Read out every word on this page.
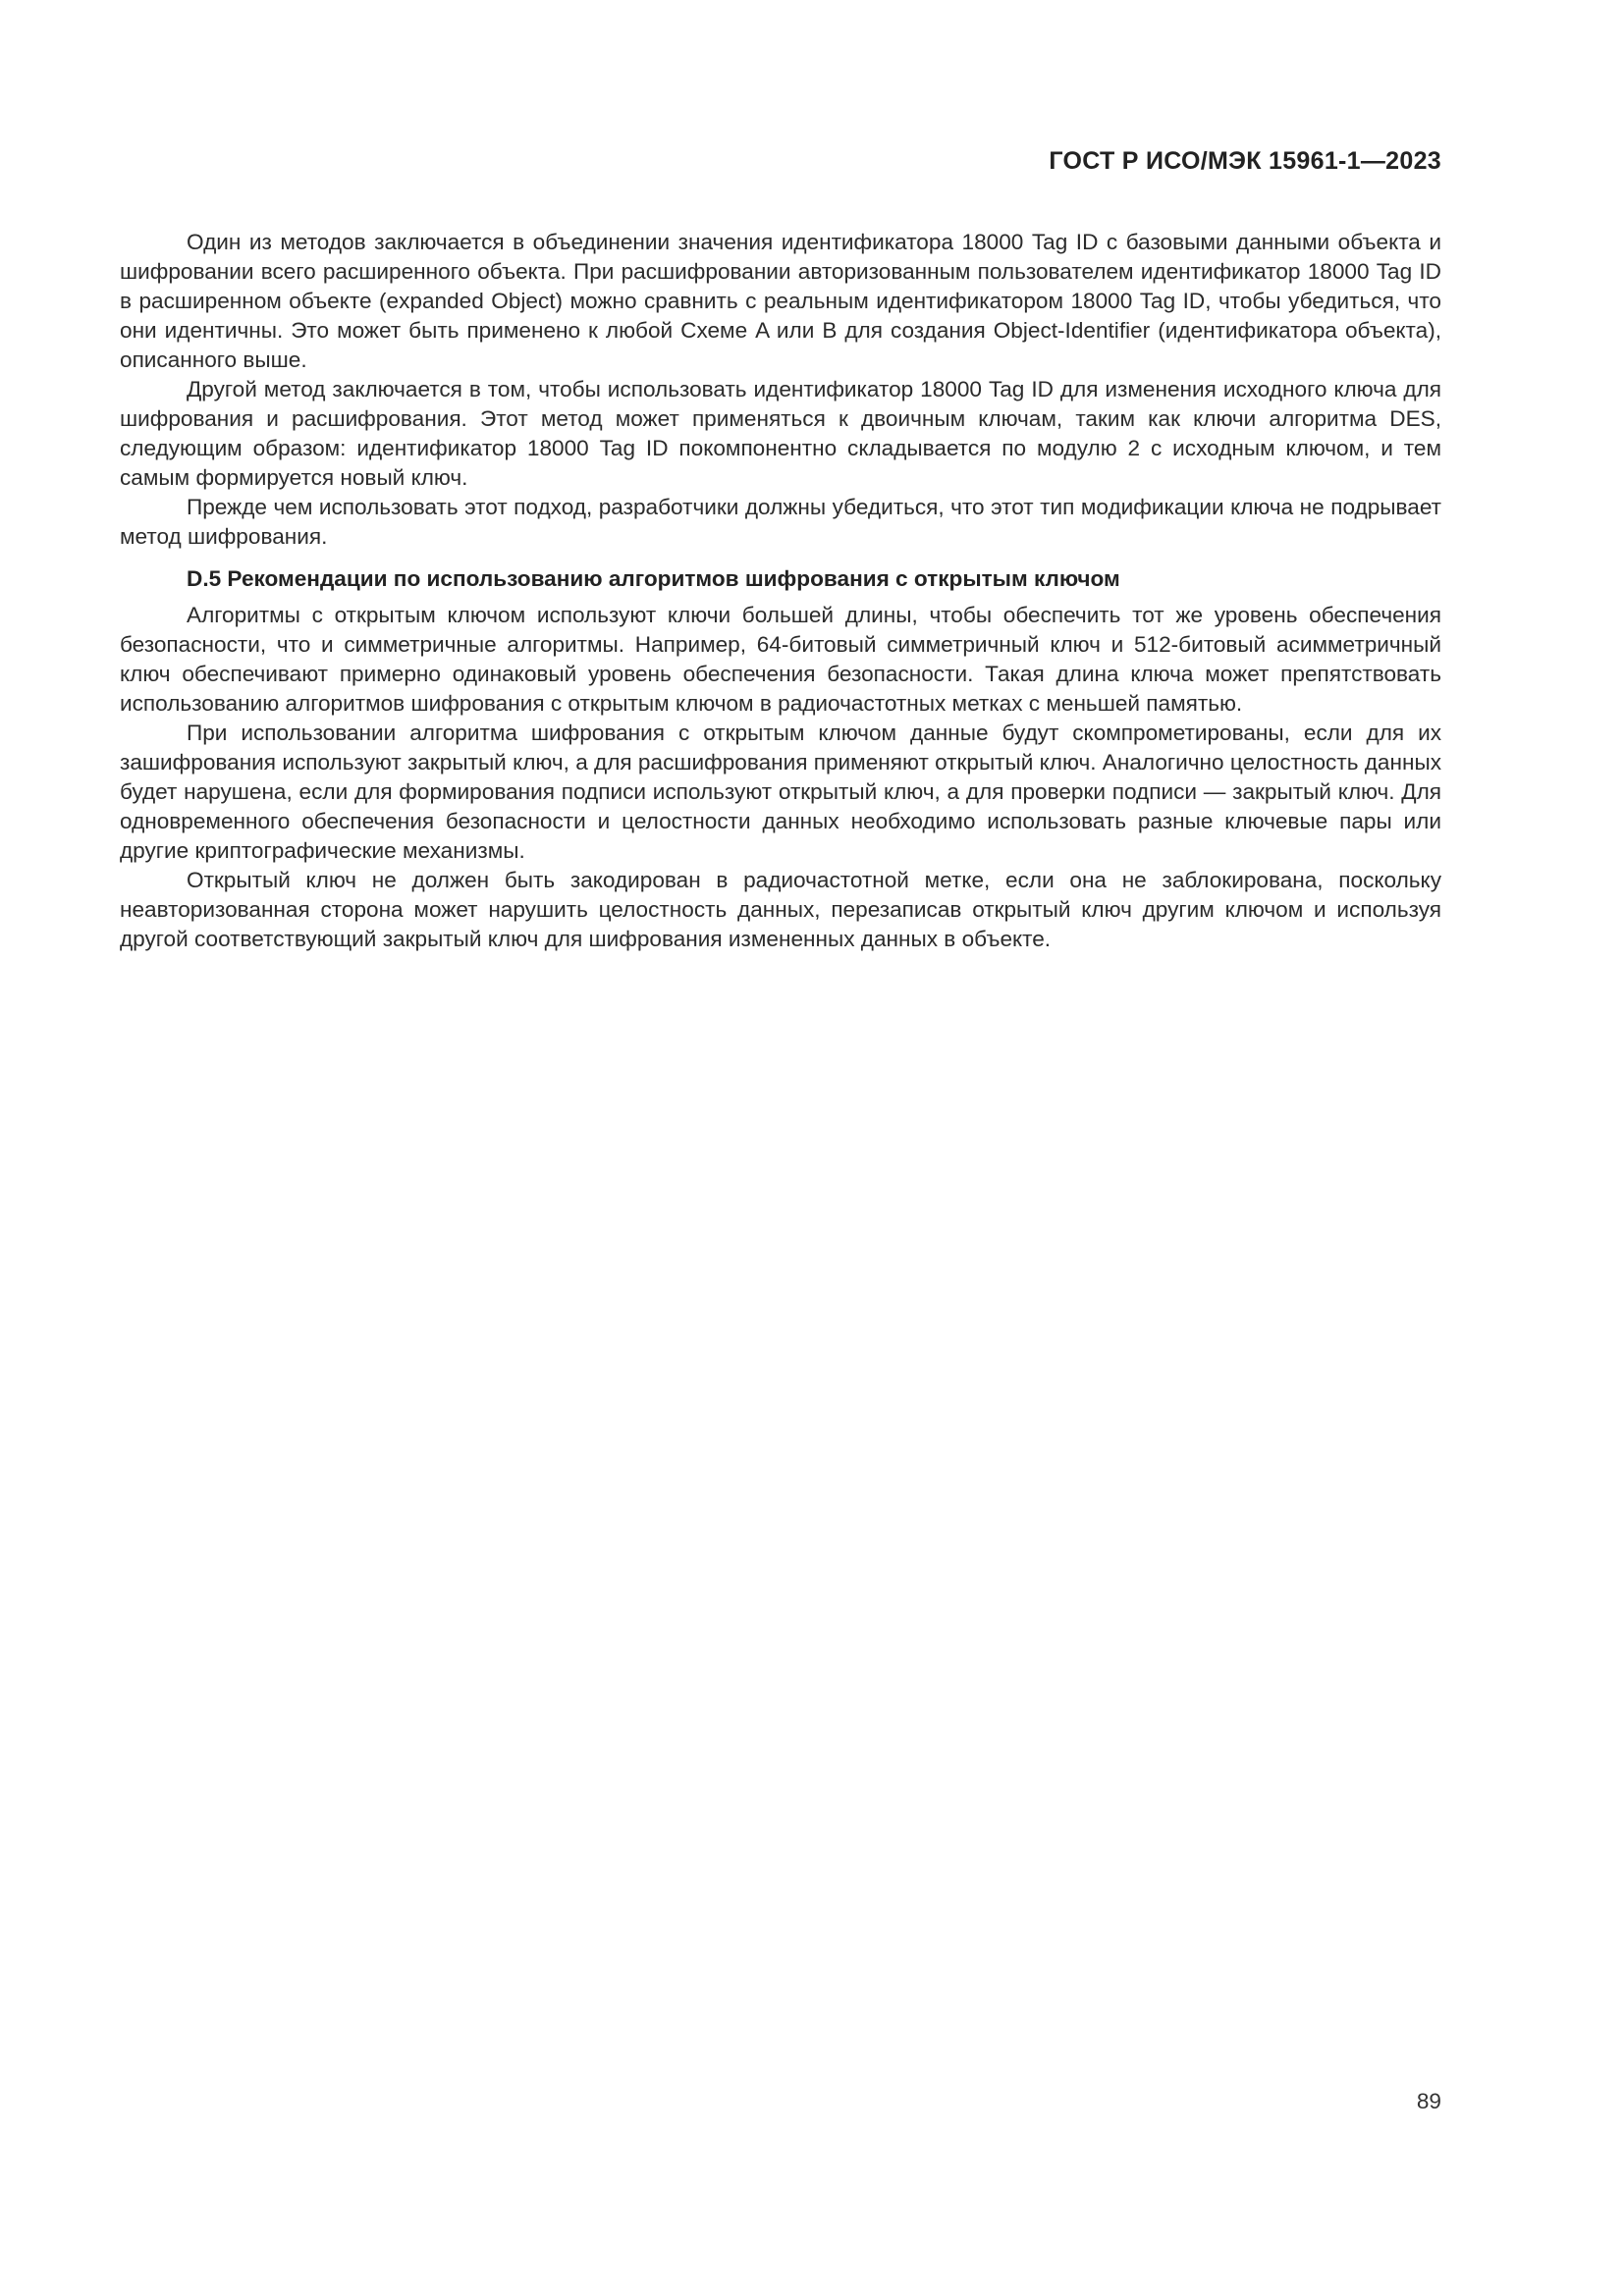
ГОСТ Р ИСО/МЭК 15961-1—2023

Один из методов заключается в объединении значения идентификатора 18000 Tag ID с базовыми данными объекта и шифровании всего расширенного объекта. При расшифровании авторизованным пользователем идентификатор 18000 Tag ID в расширенном объекте (expanded Object) можно сравнить с реальным идентификатором 18000 Tag ID, чтобы убедиться, что они идентичны. Это может быть применено к любой Схеме A или B для создания Object-Identifier (идентификатора объекта), описанного выше.

Другой метод заключается в том, чтобы использовать идентификатор 18000 Tag ID для изменения исходного ключа для шифрования и расшифрования. Этот метод может применяться к двоичным ключам, таким как ключи алгоритма DES, следующим образом: идентификатор 18000 Tag ID покомпонентно складывается по модулю 2 с исходным ключом, и тем самым формируется новый ключ.

Прежде чем использовать этот подход, разработчики должны убедиться, что этот тип модификации ключа не подрывает метод шифрования.

D.5 Рекомендации по использованию алгоритмов шифрования с открытым ключом

Алгоритмы с открытым ключом используют ключи большей длины, чтобы обеспечить тот же уровень обеспечения безопасности, что и симметричные алгоритмы. Например, 64-битовый симметричный ключ и 512-битовый асимметричный ключ обеспечивают примерно одинаковый уровень обеспечения безопасности. Такая длина ключа может препятствовать использованию алгоритмов шифрования с открытым ключом в радиочастотных метках с меньшей памятью.

При использовании алгоритма шифрования с открытым ключом данные будут скомпрометированы, если для их зашифрования используют закрытый ключ, а для расшифрования применяют открытый ключ. Аналогично целостность данных будет нарушена, если для формирования подписи используют открытый ключ, а для проверки подписи — закрытый ключ. Для одновременного обеспечения безопасности и целостности данных необходимо использовать разные ключевые пары или другие криптографические механизмы.

Открытый ключ не должен быть закодирован в радиочастотной метке, если она не заблокирована, поскольку неавторизованная сторона может нарушить целостность данных, перезаписав открытый ключ другим ключом и используя другой соответствующий закрытый ключ для шифрования измененных данных в объекте.

89
